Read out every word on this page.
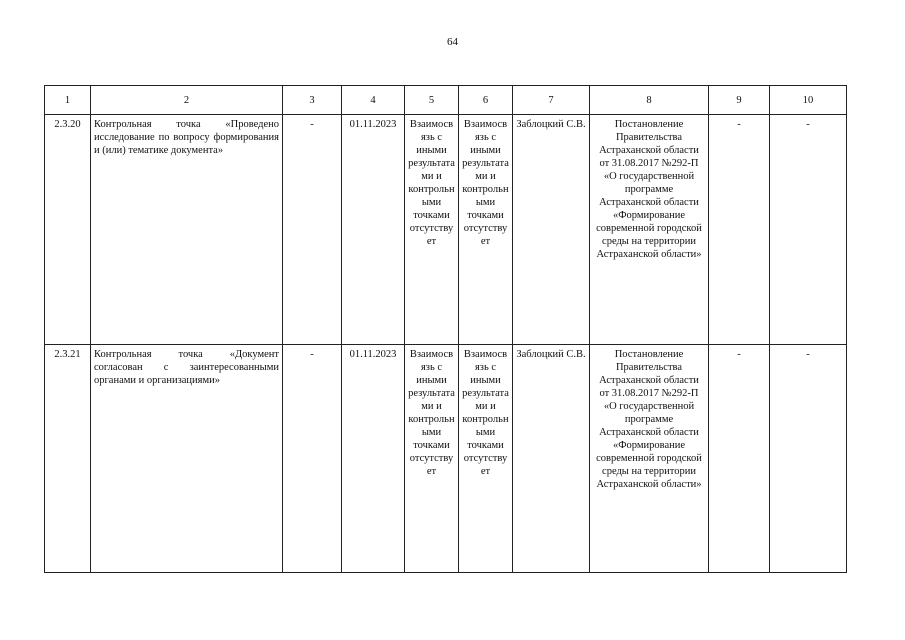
64
1	2	3	4	5	6	7	8	9	10
2.3.20	Контрольная точка «Проведено исследование по вопросу формирования и (или) тематике документа»	-	01.11.2023	Взаимосвязь с иными результатами и контрольными точками отсутствует	Взаимосвязь с иными результатами и контрольными точками отсутствует	Заблоцкий С.В.	Постановление Правительства Астраханской области от 31.08.2017 №292-П «О государственной программе Астраханской области «Формирование современной городской среды на территории Астраханской области»	-	-
2.3.21	Контрольная точка «Документ согласован с заинтересованными органами и организациями»	-	01.11.2023	Взаимосвязь с иными результатами и контрольными точками отсутствует	Взаимосвязь с иными результатами и контрольными точками отсутствует	Заблоцкий С.В.	Постановление Правительства Астраханской области от 31.08.2017 №292-П «О государственной программе Астраханской области «Формирование современной городской среды на территории Астраханской области»	-	-
